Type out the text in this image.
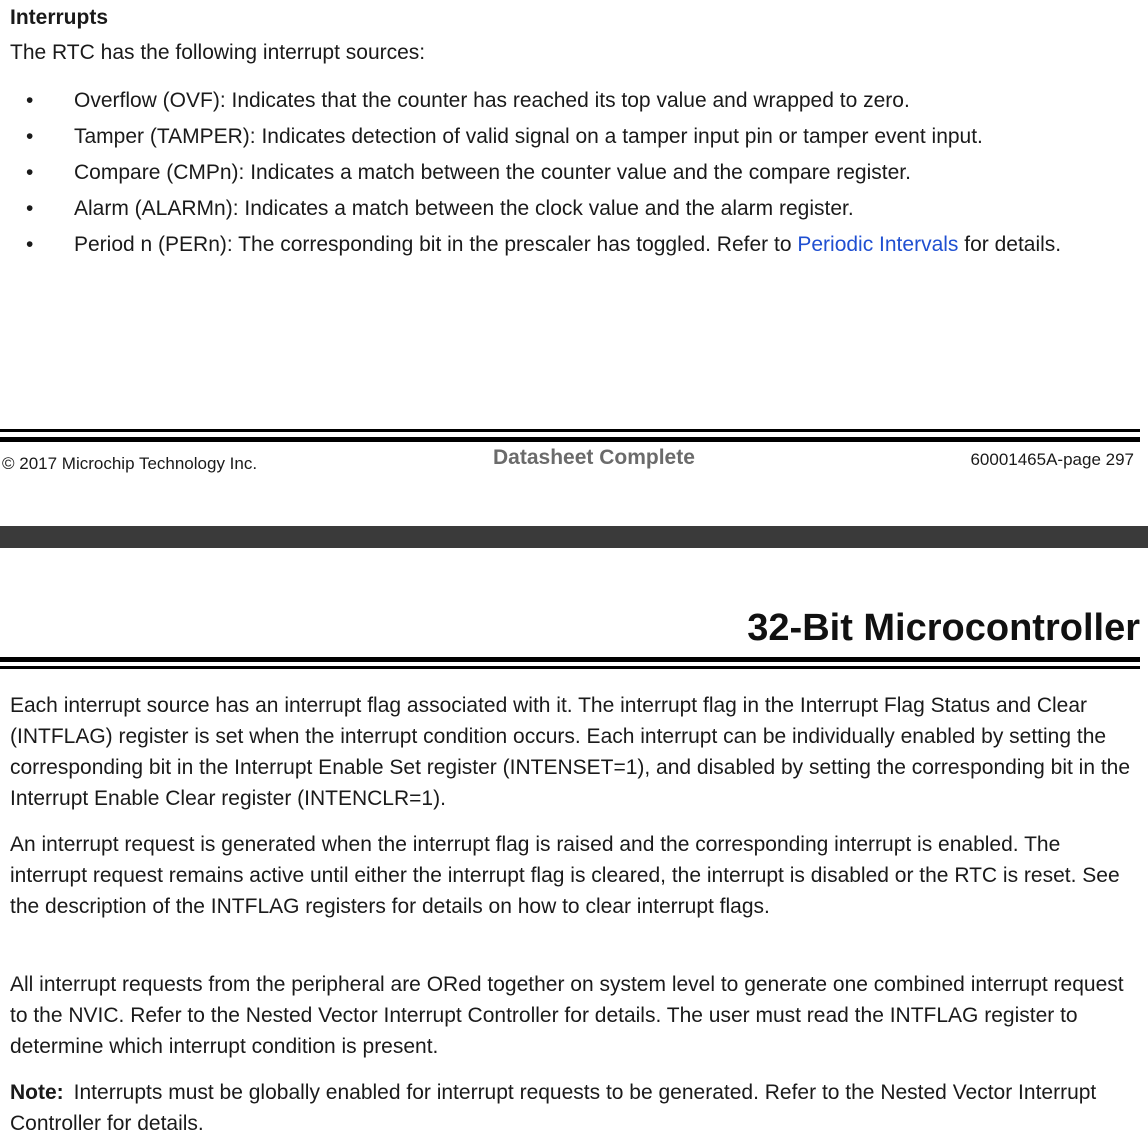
Interrupts

The RTC has the following interrupt sources:

• Overflow (OVF): Indicates that the counter has reached its top value and wrapped to zero.
• Tamper (TAMPER): Indicates detection of valid signal on a tamper input pin or tamper event input.
• Compare (CMPn): Indicates a match between the counter value and the compare register.
• Alarm (ALARMn): Indicates a match between the clock value and the alarm register.
• Period n (PERn): The corresponding bit in the prescaler has toggled. Refer to Periodic Intervals for details.
© 2017 Microchip Technology Inc.	Datasheet Complete	60001465A-page 297
32-Bit Microcontroller

Each interrupt source has an interrupt flag associated with it. The interrupt flag in the Interrupt Flag Status and Clear (INTFLAG) register is set when the interrupt condition occurs. Each interrupt can be individually enabled by setting the corresponding bit in the Interrupt Enable Set register (INTENSET=1), and disabled by setting the corresponding bit in the Interrupt Enable Clear register (INTENCLR=1).

An interrupt request is generated when the interrupt flag is raised and the corresponding interrupt is enabled. The interrupt request remains active until either the interrupt flag is cleared, the interrupt is disabled or the RTC is reset. See the description of the INTFLAG registers for details on how to clear interrupt flags.

All interrupt requests from the peripheral are ORed together on system level to generate one combined interrupt request to the NVIC. Refer to the Nested Vector Interrupt Controller for details. The user must read the INTFLAG register to determine which interrupt condition is present.

Note: Interrupts must be globally enabled for interrupt requests to be generated. Refer to the Nested Vector Interrupt Controller for details.
